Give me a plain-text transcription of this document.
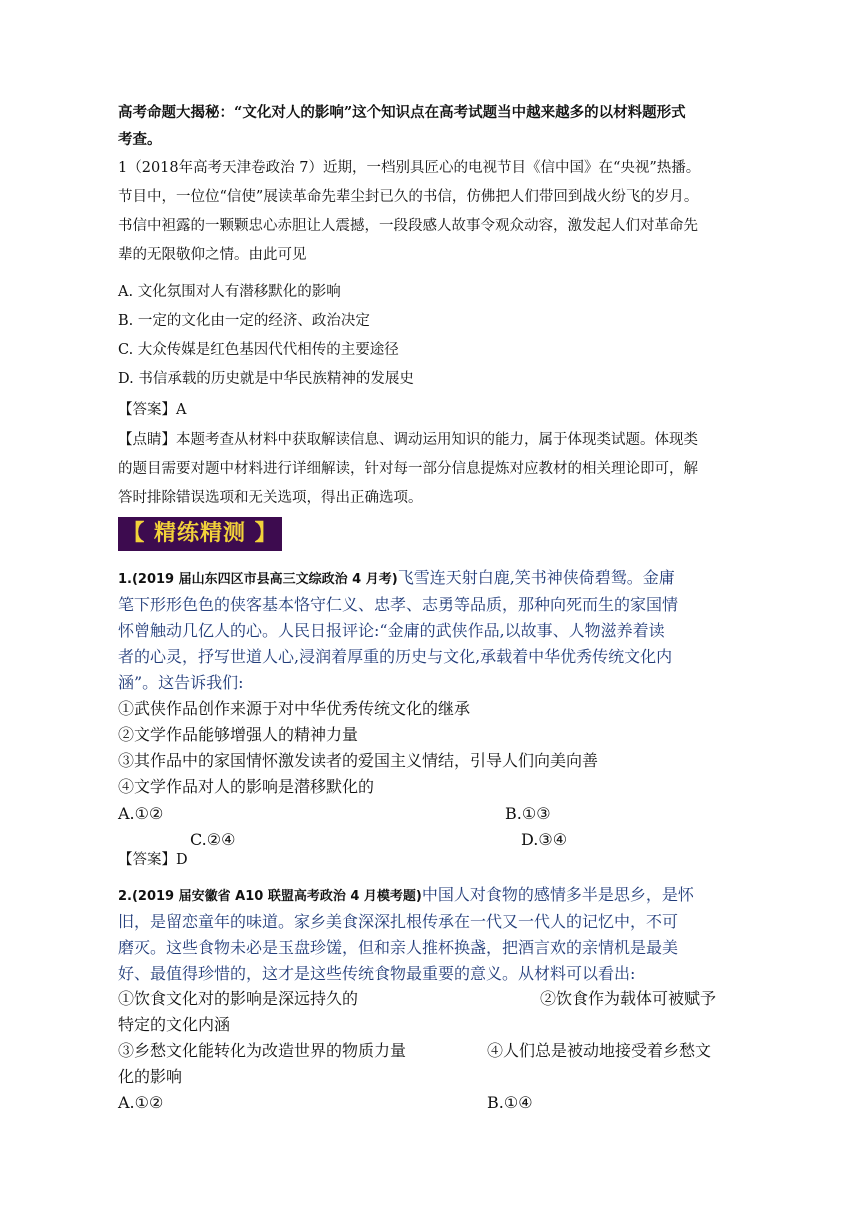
高考命题大揭秘：“文化对人的影响”这个知识点在高考试题当中越来越多的以材料题形式
考查。
1（2018年高考天津卷政治 7）近期，一档别具匠心的电视节目《信中国》在“央视”热播。
节目中，一位位“信使”展读革命先辈尘封已久的书信，仿佛把人们带回到战火纷飞的岁月。
书信中袒露的一颗颗忠心赤胆让人震撼，一段段感人故事令观众动容，激发起人们对革命先
辈的无限敬仰之情。由此可见
A. 文化氛围对人有潜移默化的影响
B. 一定的文化由一定的经济、政治决定
C. 大众传媒是红色基因代代相传的主要途径
D. 书信承载的历史就是中华民族精神的发展史
【答案】A
【点睛】本题考查从材料中获取解读信息、调动运用知识的能力，属于体现类试题。体现类
的题目需要对题中材料进行详细解读，针对每一部分信息提炼对应教材的相关理论即可，解
答时排除错误选项和无关选项，得出正确选项。
【 精练精测 】
1.(2019 届山东四区市县高三文综政治 4 月考)飞雪连天射白鹿,笑书神侠倚碧鸳。金庸
笔下形形色色的侠客基本恪守仁义、忠孝、志勇等品质，那种向死而生的家国情
怀曾触动几亿人的心。人民日报评论:“金庸的武侠作品,以故事、人物滋养着读
者的心灵，抒写世道人心,浸润着厚重的历史与文化,承载着中华优秀传统文化内
涵”。这告诉我们:
①武侠作品创作来源于对中华优秀传统文化的继承
②文学作品能够增强人的精神力量
③其作品中的家国情怀激发读者的爱国主义情结，引导人们向美向善
④文学作品对人的影响是潜移默化的
A.①②	B.①③
C.②④	D.③④
【答案】D
2.(2019 届安徽省 A10 联盟高考政治 4 月模考题)中国人对食物的感情多半是思乡，是怀
旧，是留恋童年的味道。家乡美食深深扎根传承在一代又一代人的记忆中，不可
磨灭。这些食物未必是玉盘珍馐，但和亲人推杯换盏，把酒言欢的亲情机是最美
好、最值得珍惜的，这才是这些传统食物最重要的意义。从材料可以看出:
①饮食文化对的影响是深远持久的	②饮食作为载体可被赋予
特定的文化内涵
③乡愁文化能转化为改造世界的物质力量	④人们总是被动地接受着乡愁文
化的影响
A.①②	B.①④
